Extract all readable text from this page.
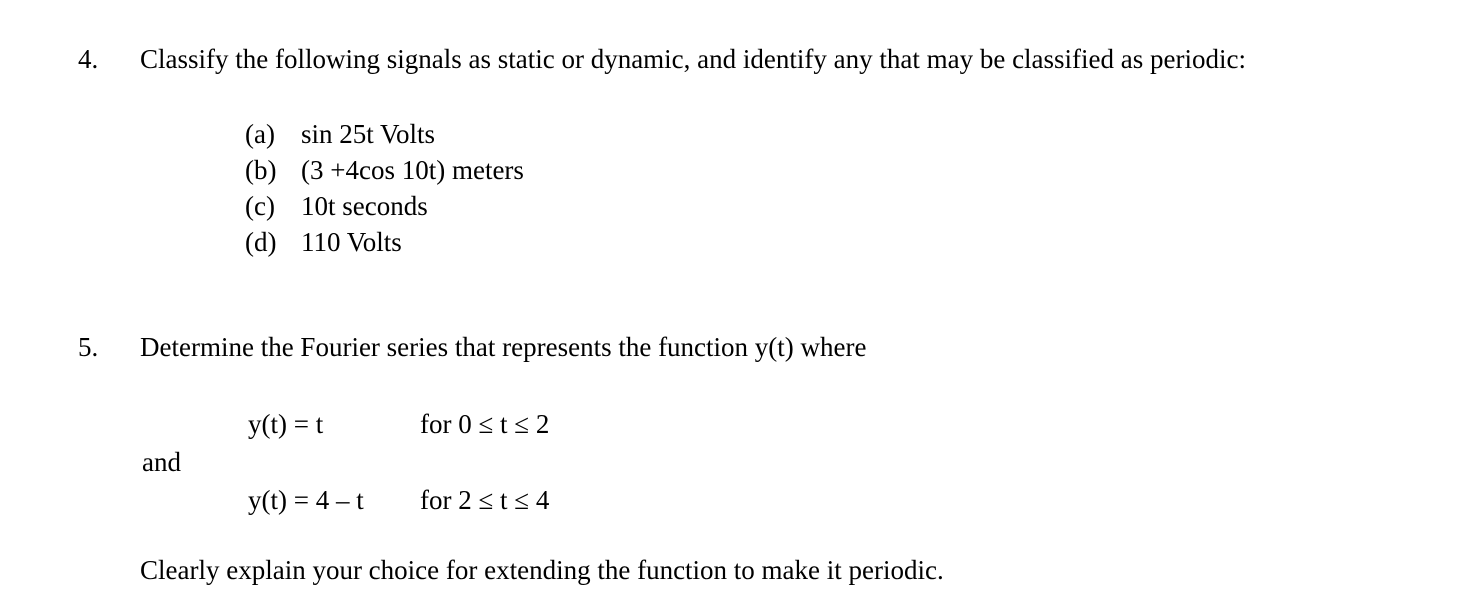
4.	Classify the following signals as static or dynamic, and identify any that may be classified as periodic:
(a) sin 25t Volts
(b) (3 +4cos 10t) meters
(c) 10t seconds
(d) 110 Volts
5.	Determine the Fourier series that represents the function y(t) where
y(t) = t	for 0 ≤ t ≤ 2
and
y(t) = 4 – t	for 2 ≤ t ≤ 4
Clearly explain your choice for extending the function to make it periodic.
